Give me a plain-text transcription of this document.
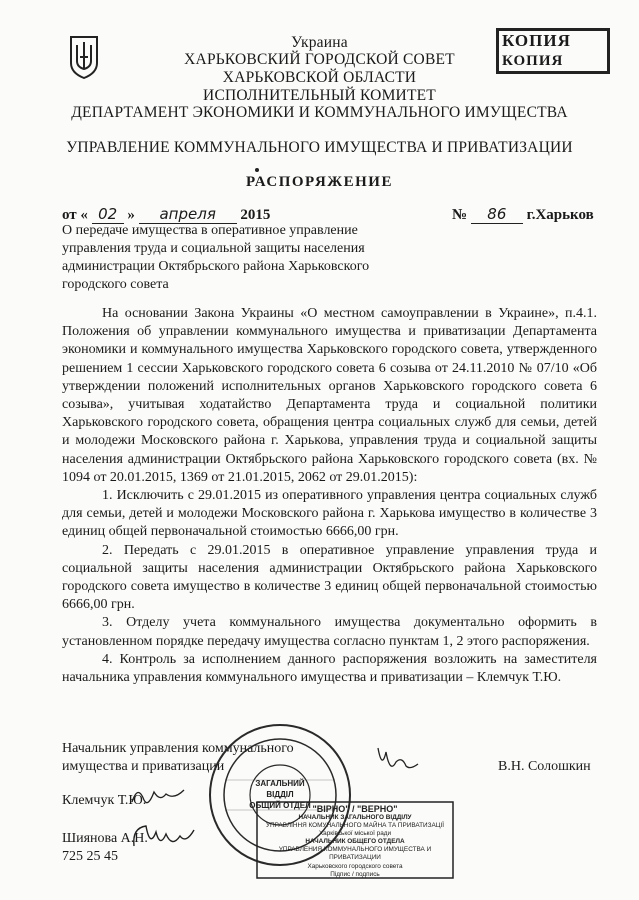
Украина
ХАРЬКОВСКИЙ ГОРОДСКОЙ СОВЕТ
ХАРЬКОВСКОЙ ОБЛАСТИ
ИСПОЛНИТЕЛЬНЫЙ КОМИТЕТ
ДЕПАРТАМЕНТ ЭКОНОМИКИ И КОММУНАЛЬНОГО ИМУЩЕСТВА
УПРАВЛЕНИЕ КОММУНАЛЬНОГО ИМУЩЕСТВА И ПРИВАТИЗАЦИИ
КОПИЯ
КОПИЯ
РАСПОРЯЖЕНИЕ
от « 02 » апреля 2015	№ 86 г.Харьков
О передаче имущества в оперативное управление управления труда и социальной защиты населения администрации Октябрьского района Харьковского городского совета

На основании Закона Украины «О местном самоуправлении в Украине», п.4.1. Положения об управлении коммунального имущества и приватизации Департамента экономики и коммунального имущества Харьковского городского совета, утвержденного решением 1 сессии Харьковского городского совета 6 созыва от 24.11.2010 № 07/10 «Об утверждении положений исполнительных органов Харьковского городского совета 6 созыва», учитывая ходатайство Департамента труда и социальной политики Харьковского городского совета, обращения центра социальных служб для семьи, детей и молодежи Московского района г. Харькова, управления труда и социальной защиты населения администрации Октябрьского района Харьковского городского совета (вх. № 1094 от 20.01.2015, 1369 от 21.01.2015, 2062 от 29.01.2015):

1. Исключить с 29.01.2015 из оперативного управления центра социальных служб для семьи, детей и молодежи Московского района г. Харькова имущество в количестве 3 единиц общей первоначальной стоимостью 6666,00 грн.

2. Передать с 29.01.2015 в оперативное управление управления труда и социальной защиты населения администрации Октябрьского района Харьковского городского совета имущество в количестве 3 единиц общей первоначальной стоимостью 6666,00 грн.

3. Отделу учета коммунального имущества документально оформить в установленном порядке передачу имущества согласно пунктам 1, 2 этого распоряжения.

4. Контроль за исполнением данного распоряжения возложить на заместителя начальника управления коммунального имущества и приватизации – Клемчук Т.Ю.

Начальник управления коммунального
имущества и приватизации	В.Н. Солошкин
Клемчук Т.Ю.
Шиянова А.Н.
725 25 45
ЗАГАЛЬНИЙ
ВІДДІЛ
ОБЩИЙ ОТДЕЛ "ВІРНО" / "ВЕРНО"
НАЧАЛЬНИК ЗАГАЛЬНОГО ВІДДІЛУ
УПРАВЛІННЯ КОМУНАЛЬНОГО МАЙНА ТА ПРИВАТИЗАЦІЇ
Харківської міської ради
НАЧАЛЬНИК ОБЩЕГО ОТДЕЛА
УПРАВЛЕНИЯ КОММУНАЛЬНОГО ИМУЩЕСТВА И ПРИВАТИЗАЦИИ
Харьковского городского совета
Підпис / подпись
